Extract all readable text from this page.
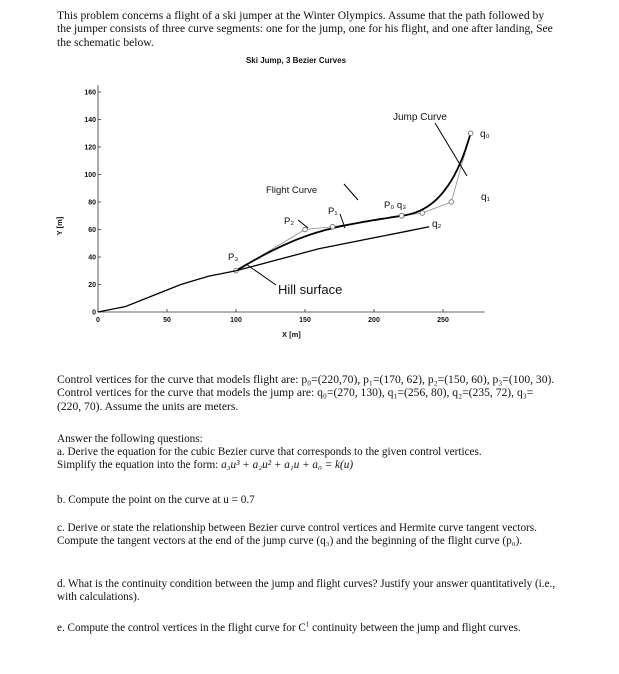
This problem concerns a flight of a ski jumper at the Winter Olympics. Assume that the path followed by the jumper consists of three curve segments: one for the jump, one for his flight, and one after landing, See the schematic below.
Ski Jump, 3 Bezier Curves
0
20
40
60
80
100
120
140
160
0	50	100	150	200	250
X [m]
Y [m]
Jump Curve
Flight Curve
Hill surface
q₀
q₁
q₂
P₀ q₃
P₁
P₂
P₃
Control vertices for the curve that models flight are: p₀=(220,70), p₁=(170, 62), p₂=(150, 60), p₃=(100, 30). Control vertices for the curve that models the jump are: q₀=(270, 130), q₁=(256, 80), q₂=(235, 72), q₃= (220, 70). Assume the units are meters.
Answer the following questions:
a. Derive the equation for the cubic Bezier curve that corresponds to the given control vertices.
Simplify the equation into the form: a₃u³ + a₂u² + a₁u + a₀ = k(u)
b. Compute the point on the curve at u = 0.7
c. Derive or state the relationship between Bezier curve control vertices and Hermite curve tangent vectors. Compute the tangent vectors at the end of the jump curve (q₃) and the beginning of the flight curve (p₀).
d. What is the continuity condition between the jump and flight curves? Justify your answer quantitatively (i.e., with calculations).
e. Compute the control vertices in the flight curve for $C^1$ continuity between the jump and flight curves.
